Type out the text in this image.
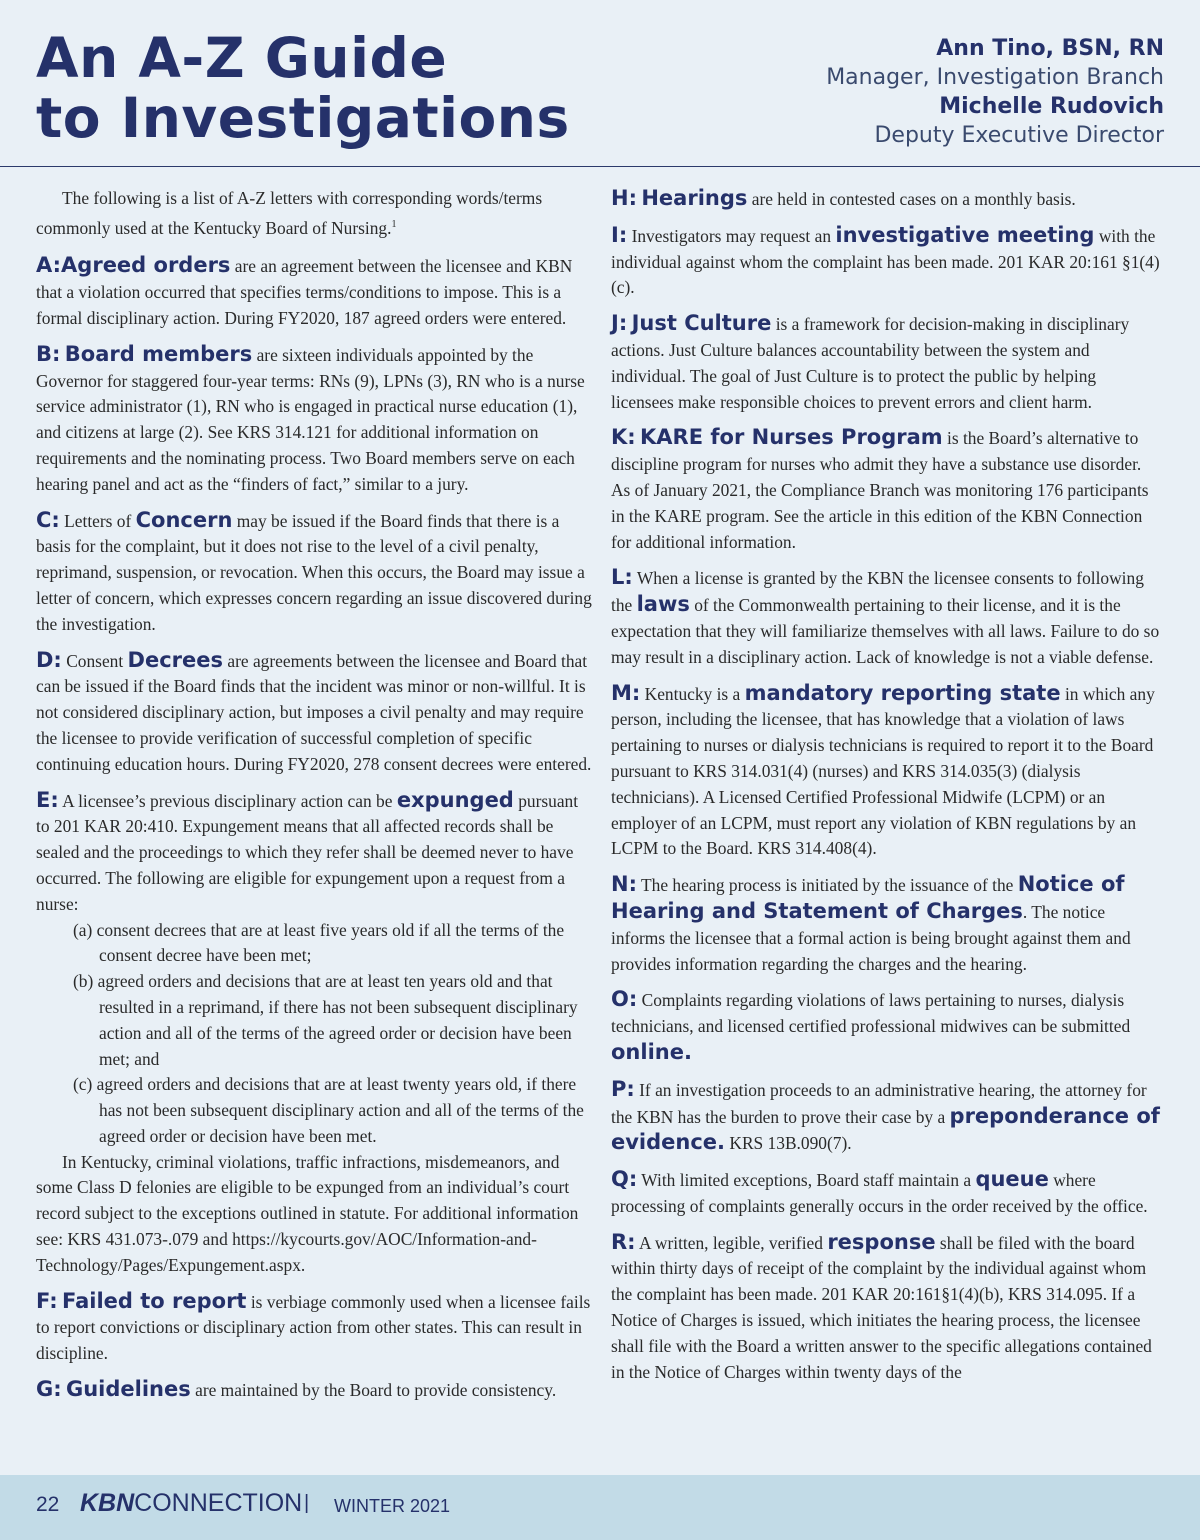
An A-Z Guide
to Investigations
Ann Tino, BSN, RN
Manager, Investigation Branch
Michelle Rudovich
Deputy Executive Director

The following is a list of A-Z letters with corresponding words/terms commonly used at the Kentucky Board of Nursing.$^1$

A:Agreed orders are an agreement between the licensee and KBN that a violation occurred that specifies terms/conditions to impose. This is a formal disciplinary action. During FY2020, 187 agreed orders were entered.
B: Board members are sixteen individuals appointed by the Governor for staggered four-year terms: RNs (9), LPNs (3), RN who is a nurse service administrator (1), RN who is engaged in practical nurse education (1), and citizens at large (2). See KRS 314.121 for additional information on requirements and the nominating process. Two Board members serve on each hearing panel and act as the “finders of fact,” similar to a jury.
C: Letters of Concern may be issued if the Board finds that there is a basis for the complaint, but it does not rise to the level of a civil penalty, reprimand, suspension, or revocation. When this occurs, the Board may issue a letter of concern, which expresses concern regarding an issue discovered during the investigation.
D: Consent Decrees are agreements between the licensee and Board that can be issued if the Board finds that the incident was minor or non-willful. It is not considered disciplinary action, but imposes a civil penalty and may require the licensee to provide verification of successful completion of specific continuing education hours. During FY2020, 278 consent decrees were entered.
E: A licensee’s previous disciplinary action can be expunged pursuant to 201 KAR 20:410. Expungement means that all affected records shall be sealed and the proceedings to which they refer shall be deemed never to have occurred. The following are eligible for expungement upon a request from a nurse:
(a) consent decrees that are at least five years old if all the terms of the consent decree have been met;
(b) agreed orders and decisions that are at least ten years old and that resulted in a reprimand, if there has not been subsequent disciplinary action and all of the terms of the agreed order or decision have been met; and
(c) agreed orders and decisions that are at least twenty years old, if there has not been subsequent disciplinary action and all of the terms of the agreed order or decision have been met.
In Kentucky, criminal violations, traffic infractions, misdemeanors, and some Class D felonies are eligible to be expunged from an individual’s court record subject to the exceptions outlined in statute. For additional information see: KRS 431.073-.079 and https://kycourts.gov/AOC/Information-and-Technology/Pages/Expungement.aspx.
F: Failed to report is verbiage commonly used when a licensee fails to report convictions or disciplinary action from other states. This can result in discipline.
G: Guidelines are maintained by the Board to provide consistency.
H: Hearings are held in contested cases on a monthly basis.
I: Investigators may request an investigative meeting with the individual against whom the complaint has been made. 201 KAR 20:161 §1(4)(c).
J: Just Culture is a framework for decision-making in disciplinary actions. Just Culture balances accountability between the system and individual. The goal of Just Culture is to protect the public by helping licensees make responsible choices to prevent errors and client harm.
K: KARE for Nurses Program is the Board’s alternative to discipline program for nurses who admit they have a substance use disorder. As of January 2021, the Compliance Branch was monitoring 176 participants in the KARE program. See the article in this edition of the KBN Connection for additional information.
L: When a license is granted by the KBN the licensee consents to following the laws of the Commonwealth pertaining to their license, and it is the expectation that they will familiarize themselves with all laws. Failure to do so may result in a disciplinary action. Lack of knowledge is not a viable defense.
M: Kentucky is a mandatory reporting state in which any person, including the licensee, that has knowledge that a violation of laws pertaining to nurses or dialysis technicians is required to report it to the Board pursuant to KRS 314.031(4) (nurses) and KRS 314.035(3) (dialysis technicians). A Licensed Certified Professional Midwife (LCPM) or an employer of an LCPM, must report any violation of KBN regulations by an LCPM to the Board. KRS 314.408(4).
N: The hearing process is initiated by the issuance of the Notice of Hearing and Statement of Charges. The notice informs the licensee that a formal action is being brought against them and provides information regarding the charges and the hearing.
O: Complaints regarding violations of laws pertaining to nurses, dialysis technicians, and licensed certified professional midwives can be submitted online.
P: If an investigation proceeds to an administrative hearing, the attorney for the KBN has the burden to prove their case by a preponderance of evidence. KRS 13B.090(7).
Q: With limited exceptions, Board staff maintain a queue where processing of complaints generally occurs in the order received by the office.
R: A written, legible, verified response shall be filed with the board within thirty days of receipt of the complaint by the individual against whom the complaint has been made. 201 KAR 20:161§1(4)(b), KRS 314.095. If a Notice of Charges is issued, which initiates the hearing process, the licensee shall file with the Board a written answer to the specific allegations contained in the Notice of Charges within twenty days of the
22 KBNCONNECTION | WINTER 2021
